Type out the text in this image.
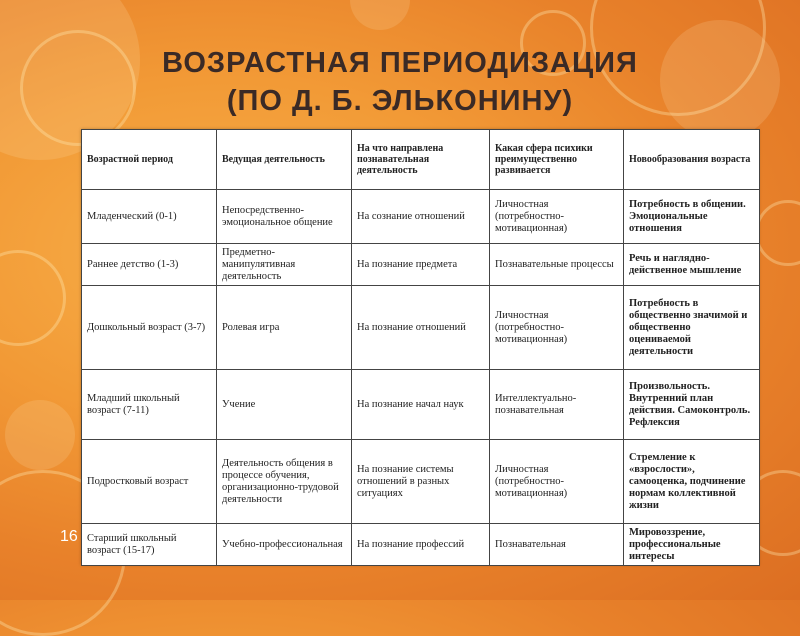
ВОЗРАСТНАЯ ПЕРИОДИЗАЦИЯ
(ПО Д. Б. ЭЛЬКОНИНУ)
Возрастной период	Ведущая деятельность	На что направлена познавательная деятельность	Какая сфера психики преимущественно развивается	Новообразования возраста
Младенческий (0-1)	Непосредственно-эмоциональное общение	На сознание отношений	Личностная (потребностно-мотивационная)	Потребность в общении. Эмоциональные отношения
Раннее детство (1-3)	Предметно-манипулятивная деятельность	На познание предмета	Познавательные процессы	Речь и наглядно-действенное мышление
Дошкольный возраст (3-7)	Ролевая игра	На познание отношений	Личностная (потребностно-мотивационная)	Потребность в общественно значимой и общественно оцениваемой деятельности
Младший школьный возраст (7-11)	Учение	На познание начал наук	Интеллектуально-познавательная	Произвольность. Внутренний план действия. Самоконтроль. Рефлексия
Подростковый возраст	Деятельность общения в процессе обучения, организационно-трудовой деятельности	На познание системы отношений в разных ситуациях	Личностная (потребностно-мотивационная)	Стремление к «взрослости», самооценка, подчинение нормам коллективной жизни
Старший школьный возраст (15-17)	Учебно-профессиональная	На познание профессий	Познавательная	Мировоззрение, профессиональные интересы
16
